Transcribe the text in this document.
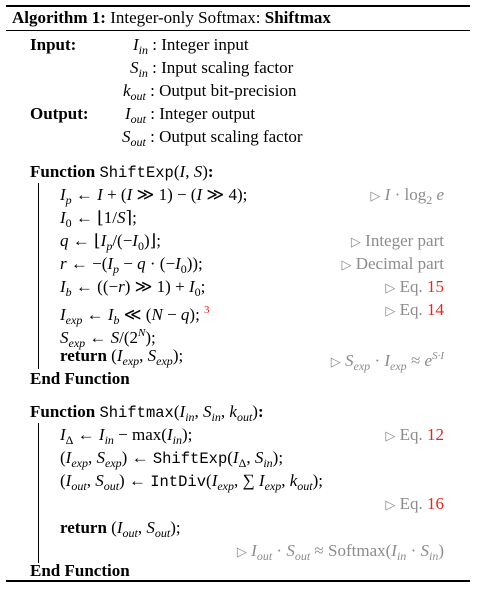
Algorithm 1: Integer-only Softmax: Shiftmax
Input:	$I_{in}$ : Integer input
$S_{in}$ : Input scaling factor
$k_{out}$ : Output bit-precision
Output: $I_{out}$ : Integer output
$S_{out}$ : Output scaling factor
Function ShiftExp(I, S):
$I_p$ ← I + (I ≫ 1) − (I ≫ 4);	▷ $I \cdot \log_2 e$
$I_0$ ← ⌊1/S⌉;
q ← $⌊I_p/(-I_0)⌋$;	▷ Integer part
r ← $-(I_p - q \cdot (-I_0))$;	▷ Decimal part
$I_b$ ← ((−r) ≫ $1) + I_0$;	▷ Eq. 15
$I_{exp}$ ← $I_b$ ≪ (N − q); $^3$	▷ Eq. 14
$S_{exp}$ ← $S/(2^N)$;
return ($I_{exp}$, $S_{exp}$);	▷ $S_{exp} \cdot I_{exp} \approx e^{S\cdot I}$
End Function
Function $Shiftmax(I_{in}$, $S_{in}$, $k_{out}$):
$I_\Delta$ ← $I_{in} - \max(I_{in})$;	▷ Eq. 12
($I_{exp}$, $S_{exp}$) ← $ShiftExp(I_\Delta$, $S_{in}$);
($I_{out}$, $S_{out}$) ← $IntDiv(I_{exp}$, ∑ $I_{exp}$, $k_{out}$);
▷ Eq. 16
return ($I_{out}$, $S_{out}$);
▷ $I_{out} \cdot S_{out}$ ≈ $Softmax(I_{in} \cdot S_{in})$
End Function
